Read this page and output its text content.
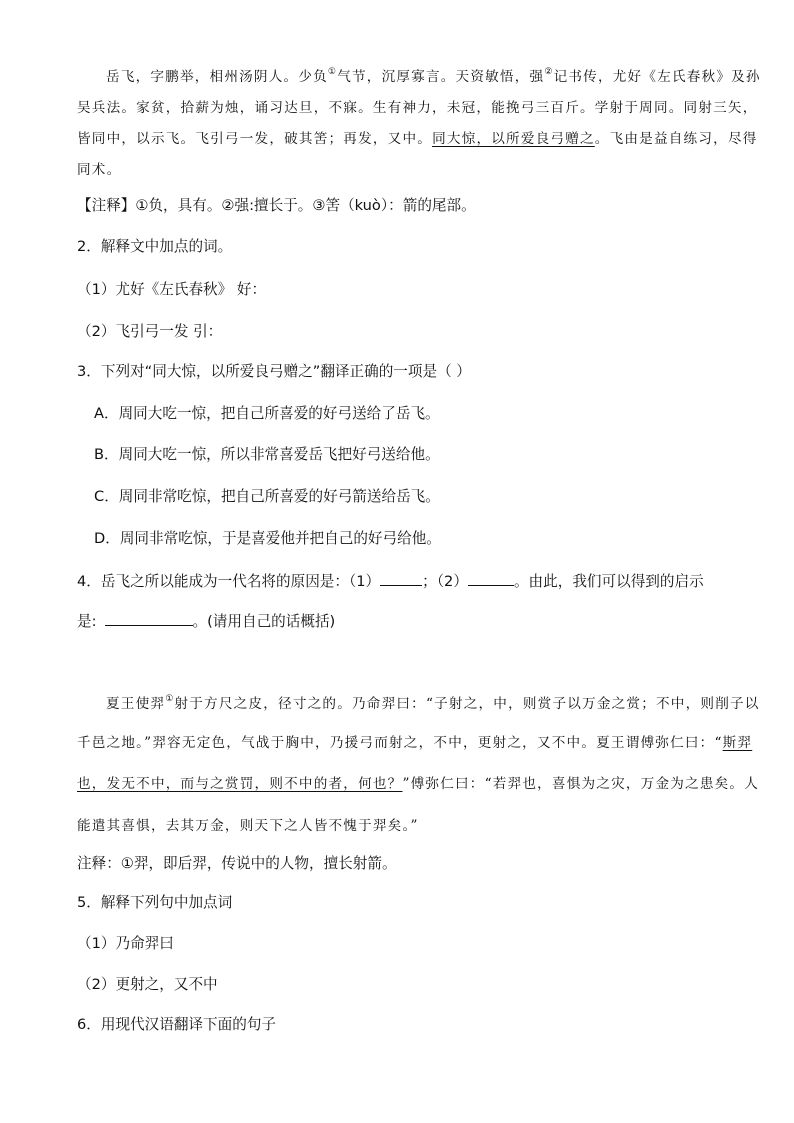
岳飞，字鹏举，相州汤阴人。少负①气节，沉厚寡言。天资敏悟，强②记书传，尤好《左氏春秋》及孙
吴兵法。家贫，拾薪为烛，诵习达旦，不寐。生有神力，未冠，能挽弓三百斤。学射于周同。同射三矢，
皆同中，以示飞。飞引弓一发，破其筈；再发，又中。同大惊，以所爱良弓赠之。飞由是益自练习，尽得
同术。
【注释】①负，具有。②强:擅长于。③筈（kuò）：箭的尾部。
2．解释文中加点的词。
（1）尤好《左氏春秋》 好：
（2）飞引弓一发 引：
3．下列对“同大惊，以所爱良弓赠之”翻译正确的一项是（ ）
A．周同大吃一惊，把自己所喜爱的好弓送给了岳飞。
B．周同大吃一惊，所以非常喜爱岳飞把好弓送给他。
C．周同非常吃惊，把自己所喜爱的好弓箭送给岳飞。
D．周同非常吃惊，于是喜爱他并把自己的好弓给他。
4．岳飞之所以能成为一代名将的原因是：（1）	；（2）	。由此，我们可以得到的启示
是:	。(请用自己的话概括)
夏王使羿①射于方尺之皮，径寸之的。乃命羿曰：“子射之，中，则赏子以万金之赏；不中，则削子以
千邑之地。”羿容无定色，气战于胸中，乃援弓而射之，不中，更射之，又不中。夏王谓傅弥仁曰：“斯羿
也，发无不中，而与之赏罚，则不中的者，何也？”傅弥仁曰：“若羿也，喜惧为之灾，万金为之患矣。人
能遣其喜惧，去其万金，则天下之人皆不愧于羿矣。”
注释：①羿，即后羿，传说中的人物，擅长射箭。
5．解释下列句中加点词
（1）乃命羿曰
（2）更射之，又不中
6．用现代汉语翻译下面的句子
